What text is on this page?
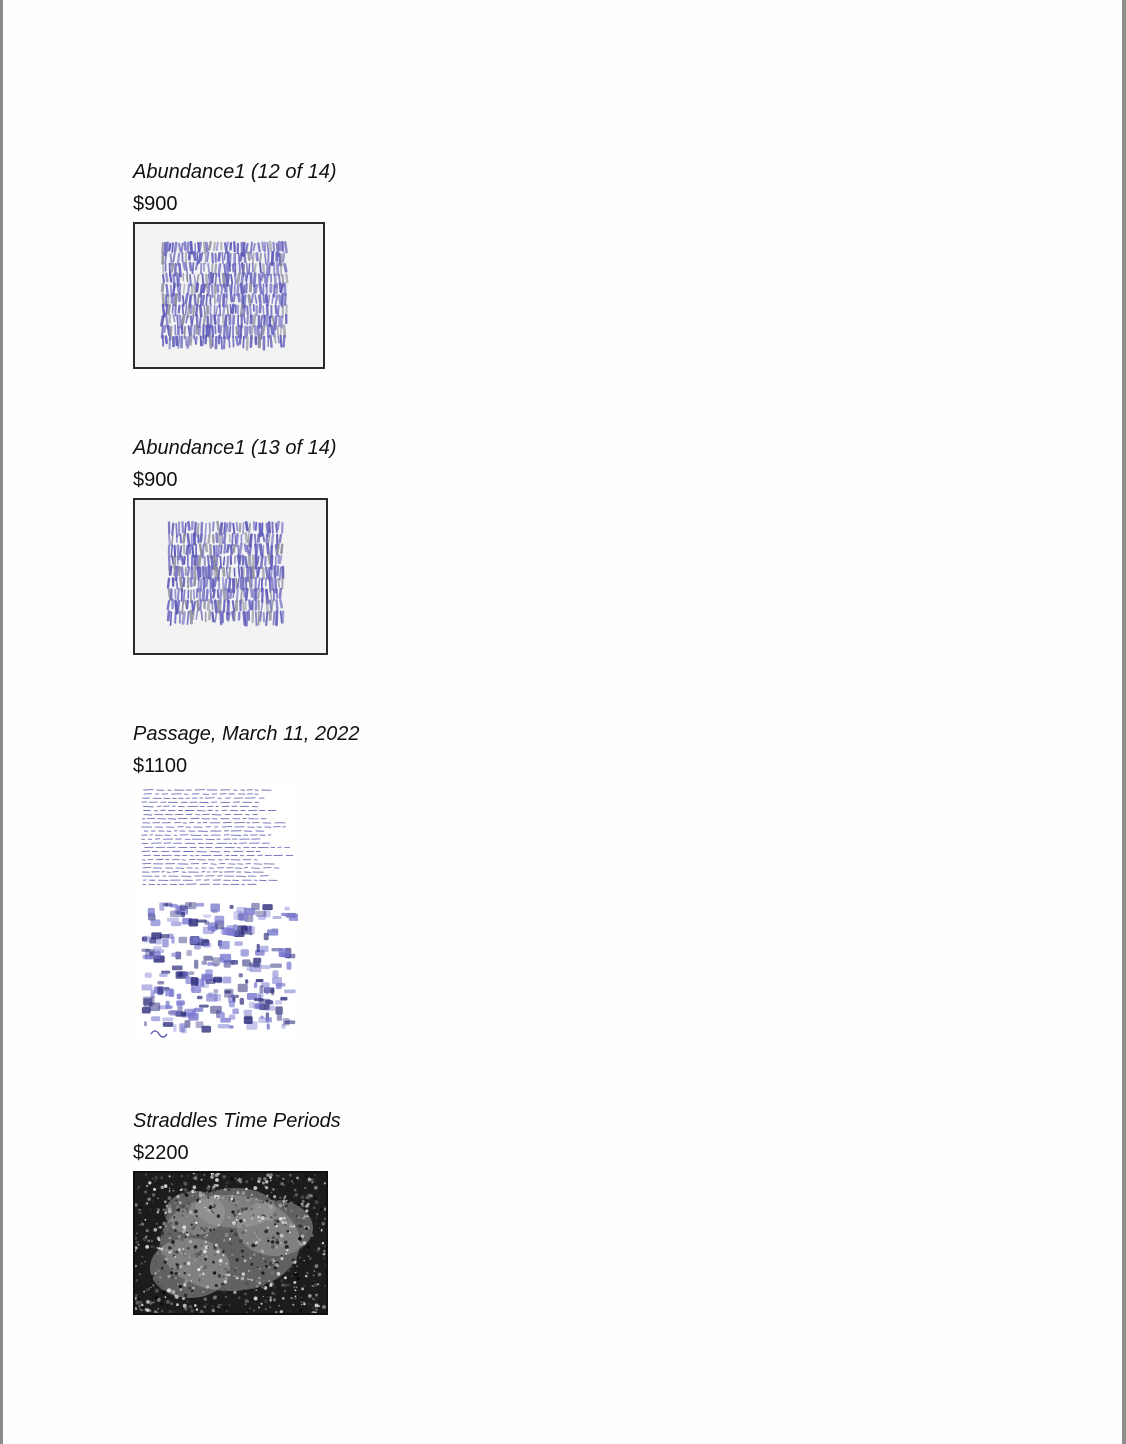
Abundance1 (12 of 14)

$900

Abundance1 (13 of 14)

$900

Passage, March 11, 2022

$1100

Straddles Time Periods

$2200
